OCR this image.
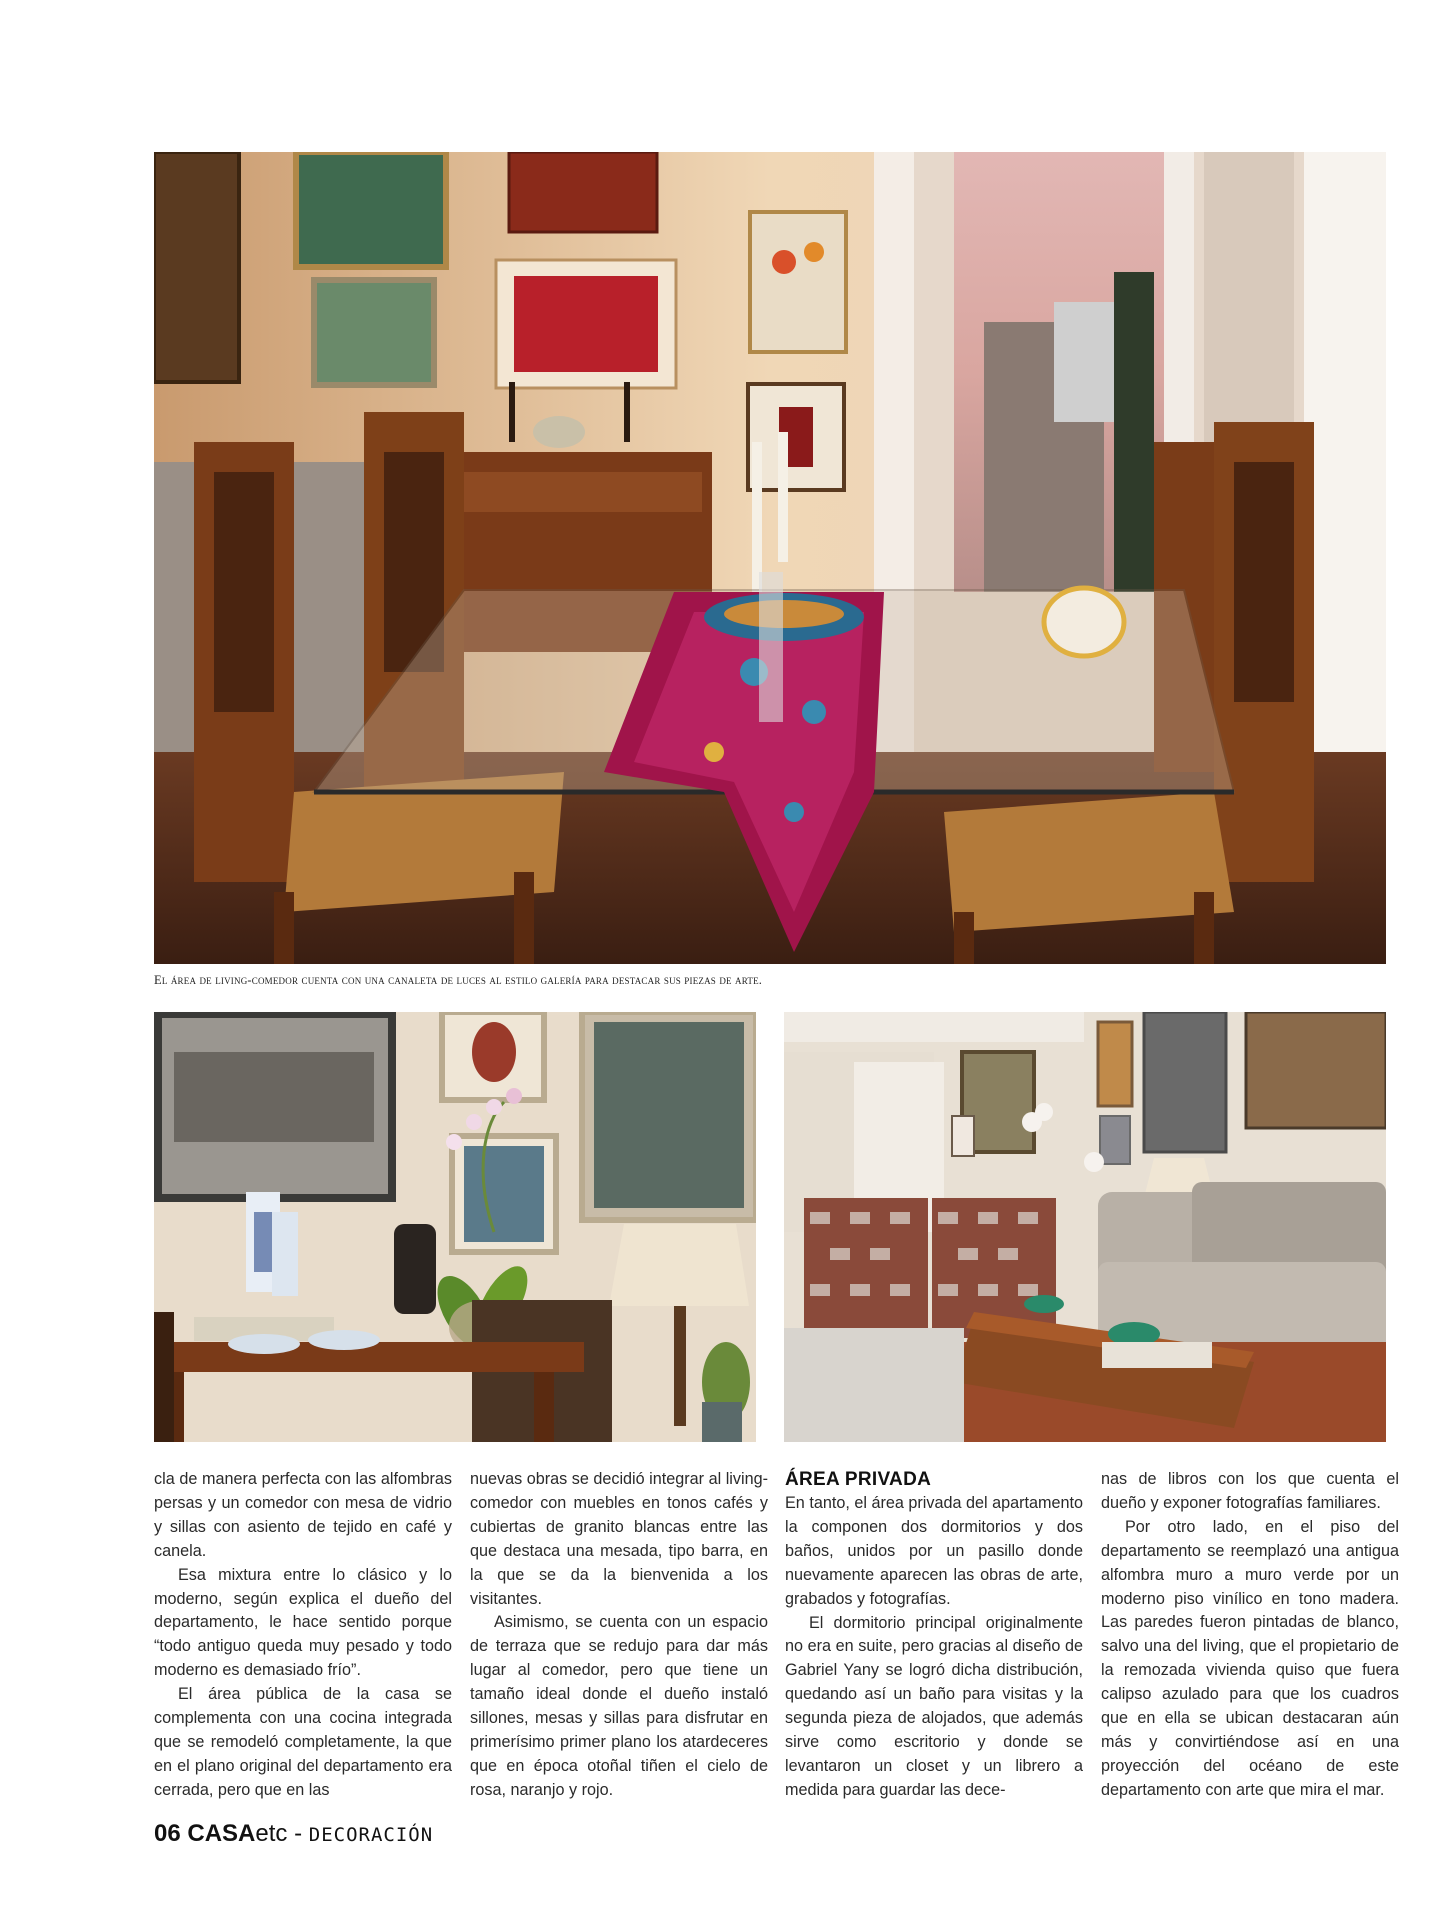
El área de living-comedor cuenta con una canaleta de luces al estilo galería para destacar sus piezas de arte.

cla de manera perfecta con las alfombras persas y un comedor con mesa de vidrio y sillas con asiento de tejido en café y canela.

Esa mixtura entre lo clásico y lo moderno, según explica el dueño del departamento, le hace sentido porque “todo antiguo queda muy pesado y todo moderno es demasiado frío”.

El área pública de la casa se complementa con una cocina integrada que se remodeló completamente, la que en el plano original del departamento era cerrada, pero que en las

nuevas obras se decidió integrar al living-comedor con muebles en tonos cafés y cubiertas de granito blancas entre las que destaca una mesada, tipo barra, en la que se da la bienvenida a los visitantes.

Asimismo, se cuenta con un espacio de terraza que se redujo para dar más lugar al comedor, pero que tiene un tamaño ideal donde el dueño instaló sillones, mesas y sillas para disfrutar en primerísimo primer plano los atardeceres que en época otoñal tiñen el cielo de rosa, naranjo y rojo.

ÁREA PRIVADA

En tanto, el área privada del apartamento la componen dos dormitorios y dos baños, unidos por un pasillo donde nuevamente aparecen las obras de arte, grabados y fotografías.

El dormitorio principal originalmente no era en suite, pero gracias al diseño de Gabriel Yany se logró dicha distribución, quedando así un baño para visitas y la segunda pieza de alojados, que además sirve como escritorio y donde se levantaron un closet y un librero a medida para guardar las dece-

nas de libros con los que cuenta el dueño y exponer fotografías familiares.

Por otro lado, en el piso del departamento se reemplazó una antigua alfombra muro a muro verde por un moderno piso vinílico en tono madera. Las paredes fueron pintadas de blanco, salvo una del living, que el propietario de la remozada vivienda quiso que fuera calipso azulado para que los cuadros que en ella se ubican destacaran aún más y convirtiéndose así en una proyección del océano de este departamento con arte que mira el mar.

06 CASAetc - DECORACIÓN
